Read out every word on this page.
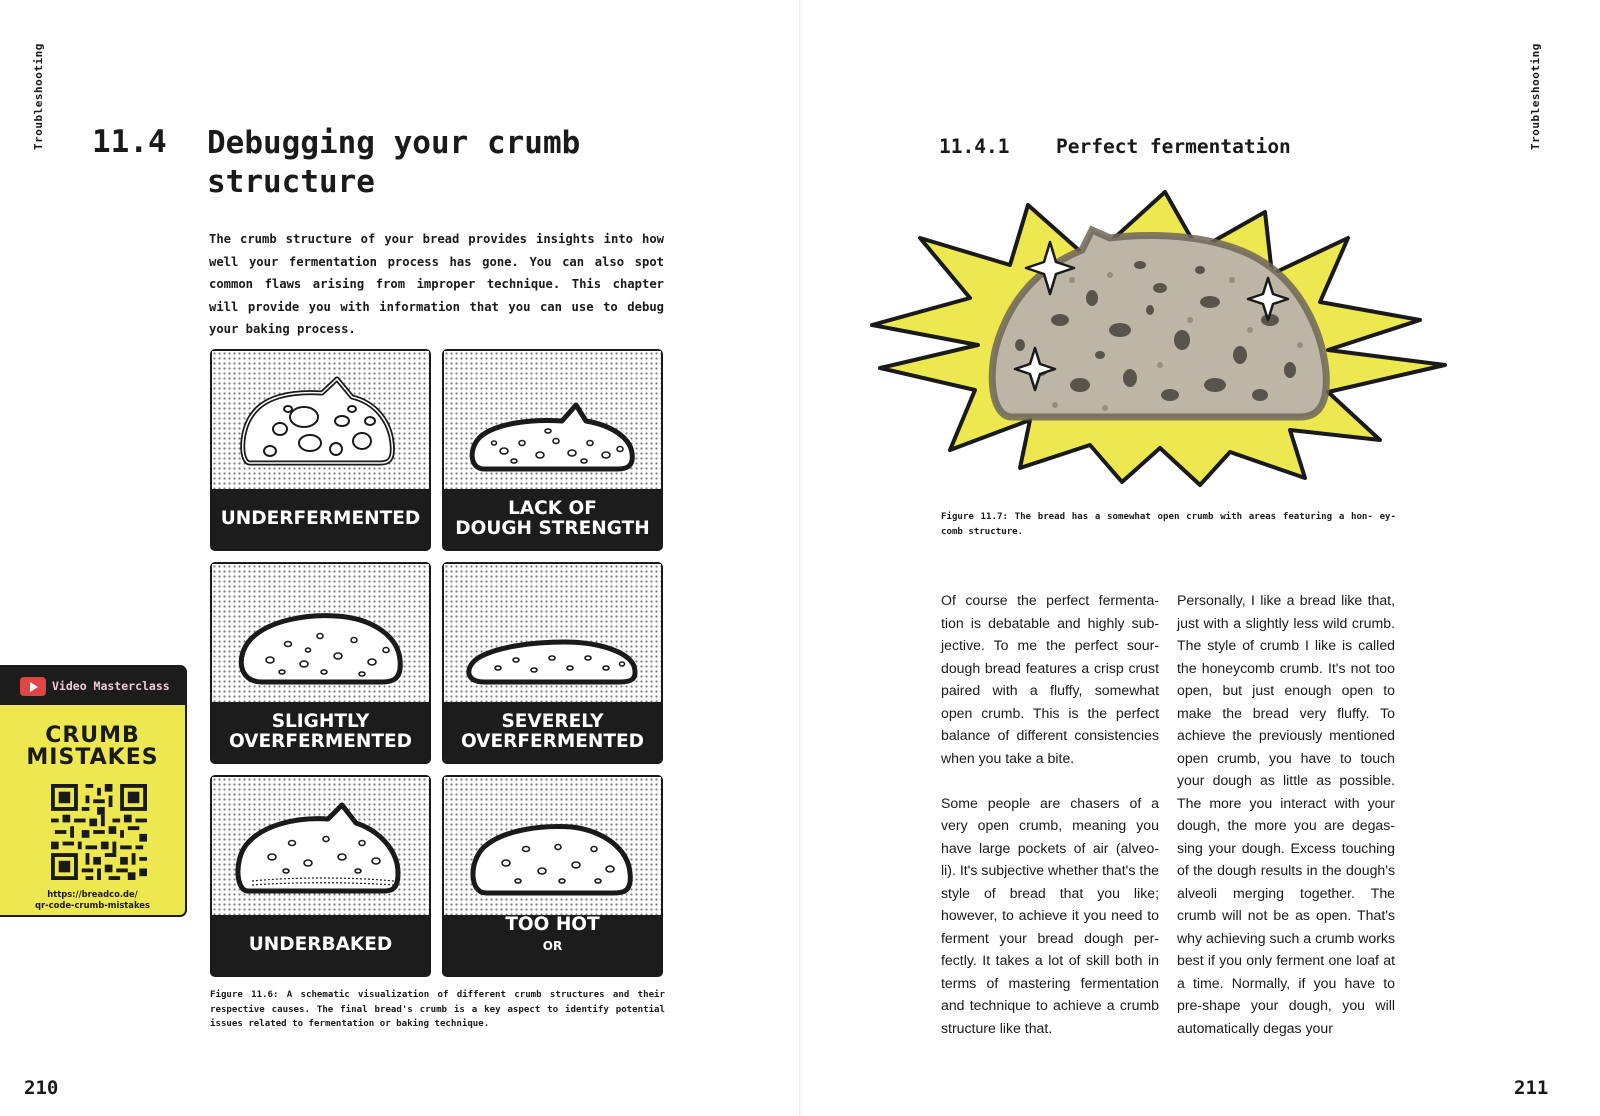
Troubleshooting 11.4 Debugging your crumb structure
The crumb structure of your bread provides insights into how well your fermentation process has gone. You can also spot common flaws arising from improper technique. This chapter will provide you with information that you can use to debug your baking process.
UNDERFERMENTED	LACK OF
DOUGH STRENGTH
SLIGHTLY
OVERFERMENTED
SEVERELY
OVERFERMENTED
UNDERBAKED

TOO HOT
OR

LACK OF STEAM

Figure 11.6: A schematic visualization of different crumb structures and their respective causes. The final bread's crumb is a key aspect to identify potential issues related to fermentation or baking technique.
210
Video Masterclass
CRUMB
MISTAKES
https://breadco.de/
qr-code-crumb-mistakes
Troubleshooting
211
11.4.1 Perfect fermentation
Figure 11.7: The bread has a somewhat open crumb with areas featuring a hon- ey-comb structure.

Of course the perfect fermenta- tion is debatable and highly sub- jective. To me the perfect sour- dough bread features a crisp crust paired with a fluffy, somewhat open crumb. This is the perfect balance of different consistencies when you take a bite.

Some people are chasers of a very open crumb, meaning you have large pockets of air (alveo- li). It's subjective whether that's the style of bread that you like; however, to achieve it you need to ferment your bread dough per- fectly. It takes a lot of skill both in terms of mastering fermentation and technique to achieve a crumb structure like that.

Personally, I like a bread like that, just with a slightly less wild crumb. The style of crumb I like is called the honeycomb crumb. It's not too open, but just enough open to make the bread very fluffy. To achieve the previously mentioned open crumb, you have to touch your dough as little as possible. The more you interact with your dough, the more you are degas- sing your dough. Excess touching of the dough results in the dough's alveoli merging together. The crumb will not be as open. That's why achieving such a crumb works best if you only ferment one loaf at a time. Normally, if you have to pre-shape your dough, you will automatically degas your
